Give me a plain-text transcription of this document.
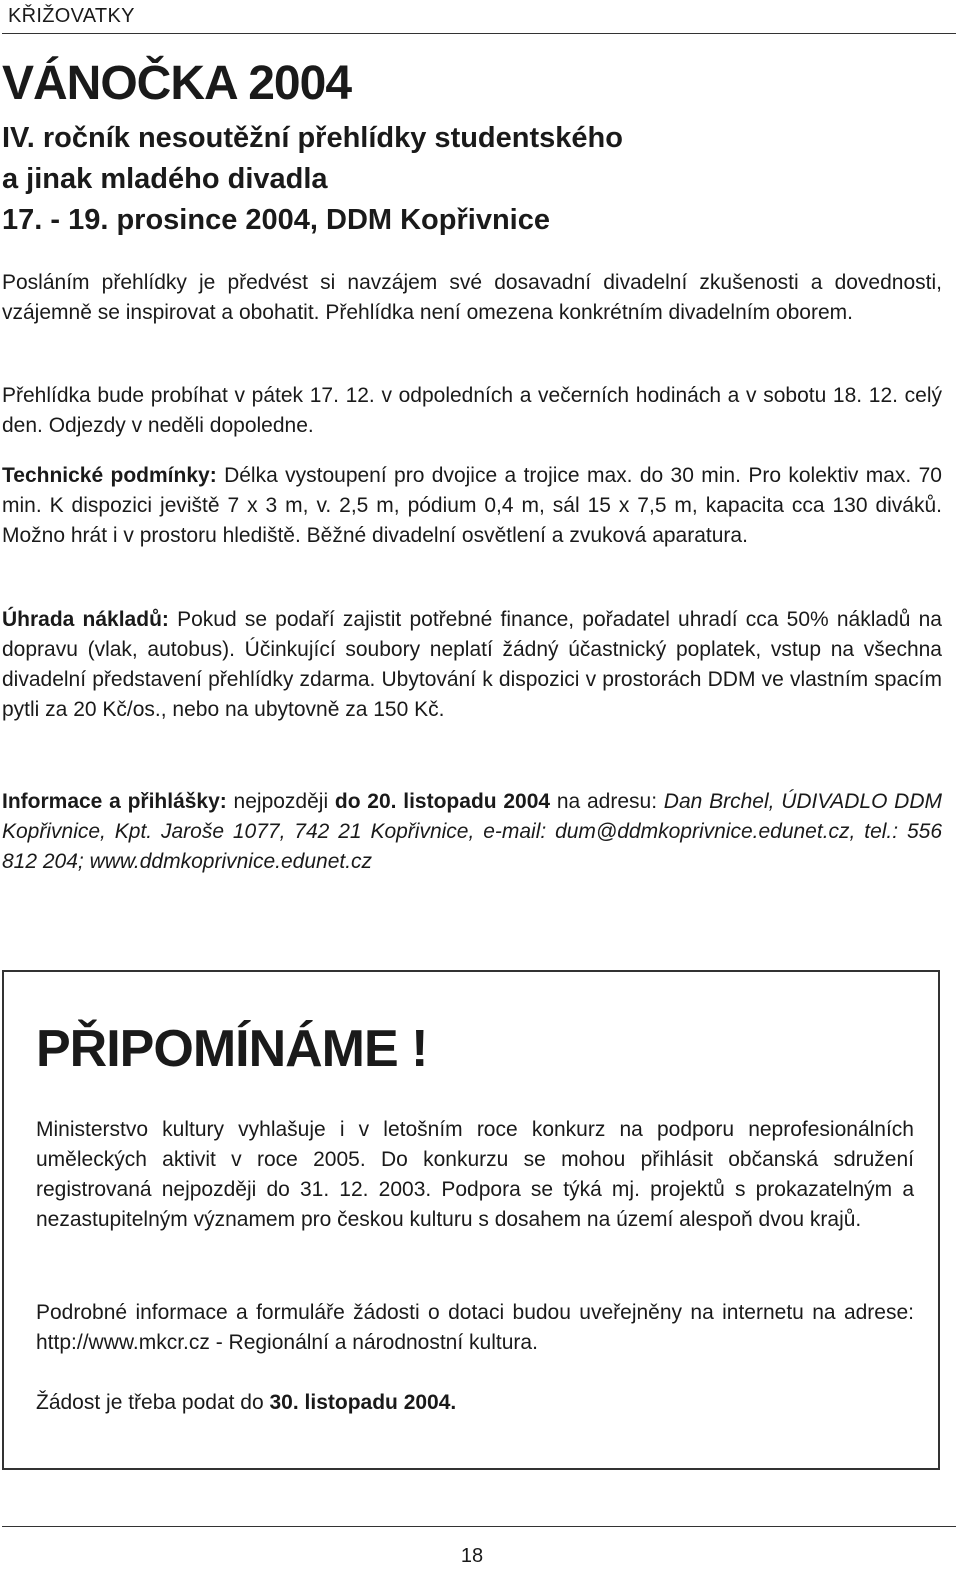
KŘIŽOVATKY
VÁNOČKA 2004
IV. ročník nesoutěžní přehlídky studentského
a jinak mladého divadla
17. - 19. prosince 2004, DDM Kopřivnice

Posláním přehlídky je předvést si navzájem své dosavadní divadelní zkušenosti a dovednosti, vzájemně se inspirovat a obohatit. Přehlídka není omezena konkrétním divadelním oborem.

Přehlídka bude probíhat v pátek 17. 12. v odpoledních a večerních hodinách a v sobotu 18. 12. celý den. Odjezdy v neděli dopoledne.

Technické podmínky: Délka vystoupení pro dvojice a trojice max. do 30 min. Pro kolektiv max. 70 min. K dispozici jeviště 7 x 3 m, v. 2,5 m, pódium 0,4 m, sál 15 x 7,5 m, kapacita cca 130 diváků. Možno hrát i v prostoru hlediště. Běžné divadelní osvětlení a zvuková aparatura.

Úhrada nákladů: Pokud se podaří zajistit potřebné finance, pořadatel uhradí cca 50% nákladů na dopravu (vlak, autobus). Účinkující soubory neplatí žádný účastnický poplatek, vstup na všechna divadelní představení přehlídky zdarma. Ubytování k dispozici v prostorách DDM ve vlastním spacím pytli za 20 Kč/os., nebo na ubytovně za 150 Kč.

Informace a přihlášky: nejpozději do 20. listopadu 2004 na adresu: Dan Brchel, ÚDIVADLO DDM Kopřivnice, Kpt. Jaroše 1077, 742 21 Kopřivnice, e-mail: dum@ddmkoprivnice.edunet.cz, tel.: 556 812 204; www.ddmkoprivnice.edunet.cz

PŘIPOMÍNÁME !

Ministerstvo kultury vyhlašuje i v letošním roce konkurz na podporu neprofesionálních uměleckých aktivit v roce 2005. Do konkurzu se mohou přihlásit občanská sdružení registrovaná nejpozději do 31. 12. 2003. Podpora se týká mj. projektů s prokazatelným a nezastupitelným významem pro českou kulturu s dosahem na území alespoň dvou krajů.

Podrobné informace a formuláře žádosti o dotaci budou uveřejněny na internetu na adrese: http://www.mkcr.cz - Regionální a národnostní kultura.

Žádost je třeba podat do 30. listopadu 2004.

18
